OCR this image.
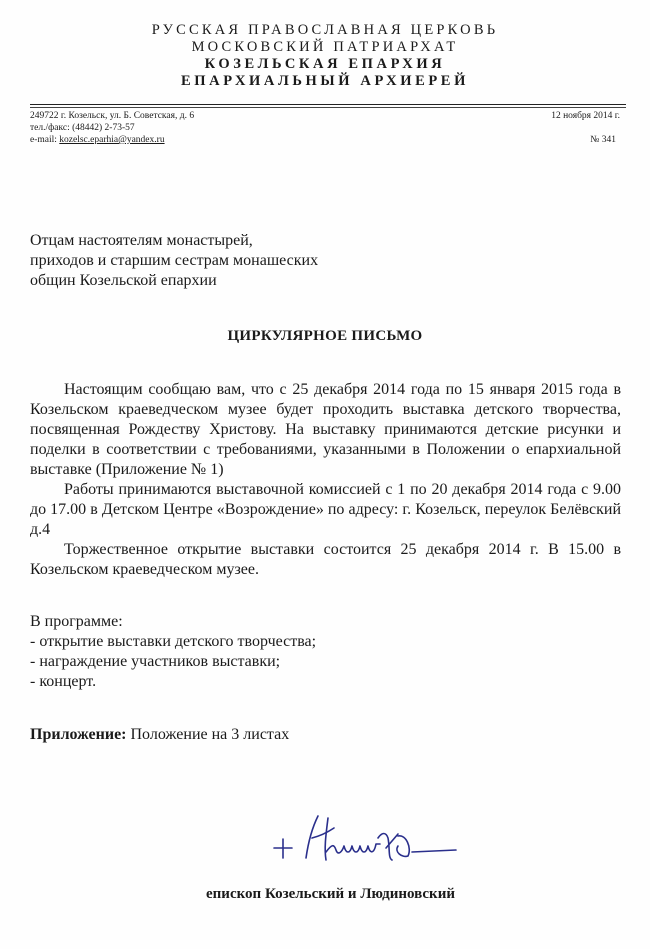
РУССКАЯ ПРАВОСЛАВНАЯ ЦЕРКОВЬ
МОСКОВСКИЙ ПАТРИАРХАТ
КОЗЕЛЬСКАЯ ЕПАРХИЯ
ЕПАРХИАЛЬНЫЙ АРХИЕРЕЙ
249722 г. Козельск, ул. Б. Советская, д. 6
тел./факс: (48442) 2-73-57
e-mail: kozelsc.eparhia@yandex.ru
12 ноября 2014 г.
№ 341
Отцам настоятелям монастырей,
приходов и старшим сестрам монашеских
общин Козельской епархии
ЦИРКУЛЯРНОЕ ПИСЬМО

Настоящим сообщаю вам, что с 25 декабря 2014 года по 15 января 2015 года в Козельском краеведческом музее будет проходить выставка детского творчества, посвященная Рождеству Христову. На выставку принимаются детские рисунки и поделки в соответствии с требованиями, указанными в Положении о епархиальной выставке (Приложение № 1)

Работы принимаются выставочной комиссией с 1 по 20 декабря 2014 года с 9.00 до 17.00 в Детском Центре «Возрождение» по адресу: г. Козельск, переулок Белёвский д.4

Торжественное открытие выставки состоится 25 декабря 2014 г. В 15.00 в Козельском краеведческом музее.

В программе:
- открытие выставки детского творчества;
- награждение участников выставки;
- концерт.
Приложение: Положение на 3 листах
епископ Козельский и Людиновский
